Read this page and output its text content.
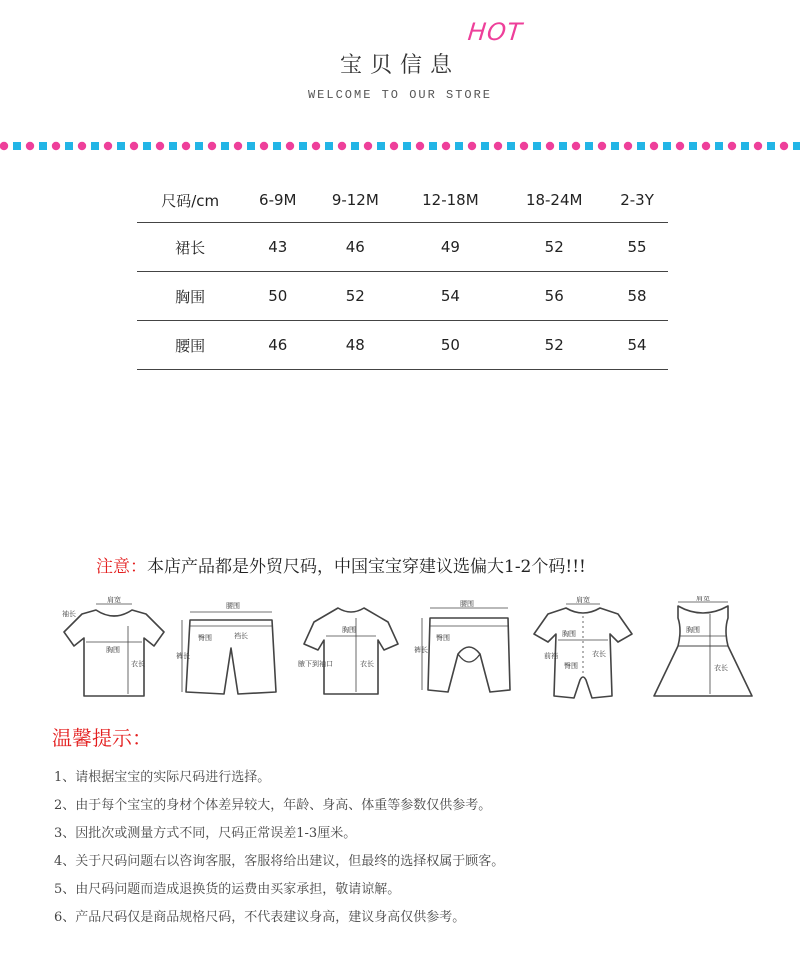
HOT
宝贝信息
WELCOME TO OUR STORE
尺码/cm	6-9M	9-12M	12-18M	18-24M	2-3Y
裙长	43	46	49	52	55
胸围	50	52	54	56	58
腰围	46	48	50	52	54
注意：本店产品都是外贸尺码，中国宝宝穿建议选偏大1-2个码!!!
肩宽
袖长
胸围
衣长
腰围
臀围
裤长
裆长
胸围
腋下到袖口	衣长
腰围
裤长
臀围
肩宽
胸围
臀围
前裆	衣长
肩宽
胸围
衣长
温馨提示：
1、请根据宝宝的实际尺码进行选择。
2、由于每个宝宝的身材个体差异较大，年龄、身高、体重等参数仅供参考。
3、因批次或测量方式不同，尺码正常误差1-3厘米。
4、关于尺码问题右以咨询客服，客服将给出建议，但最终的选择权属于顾客。
5、由尺码问题而造成退换货的运费由买家承担，敬请谅解。
6、产品尺码仅是商品规格尺码，不代表建议身高，建议身高仅供参考。
